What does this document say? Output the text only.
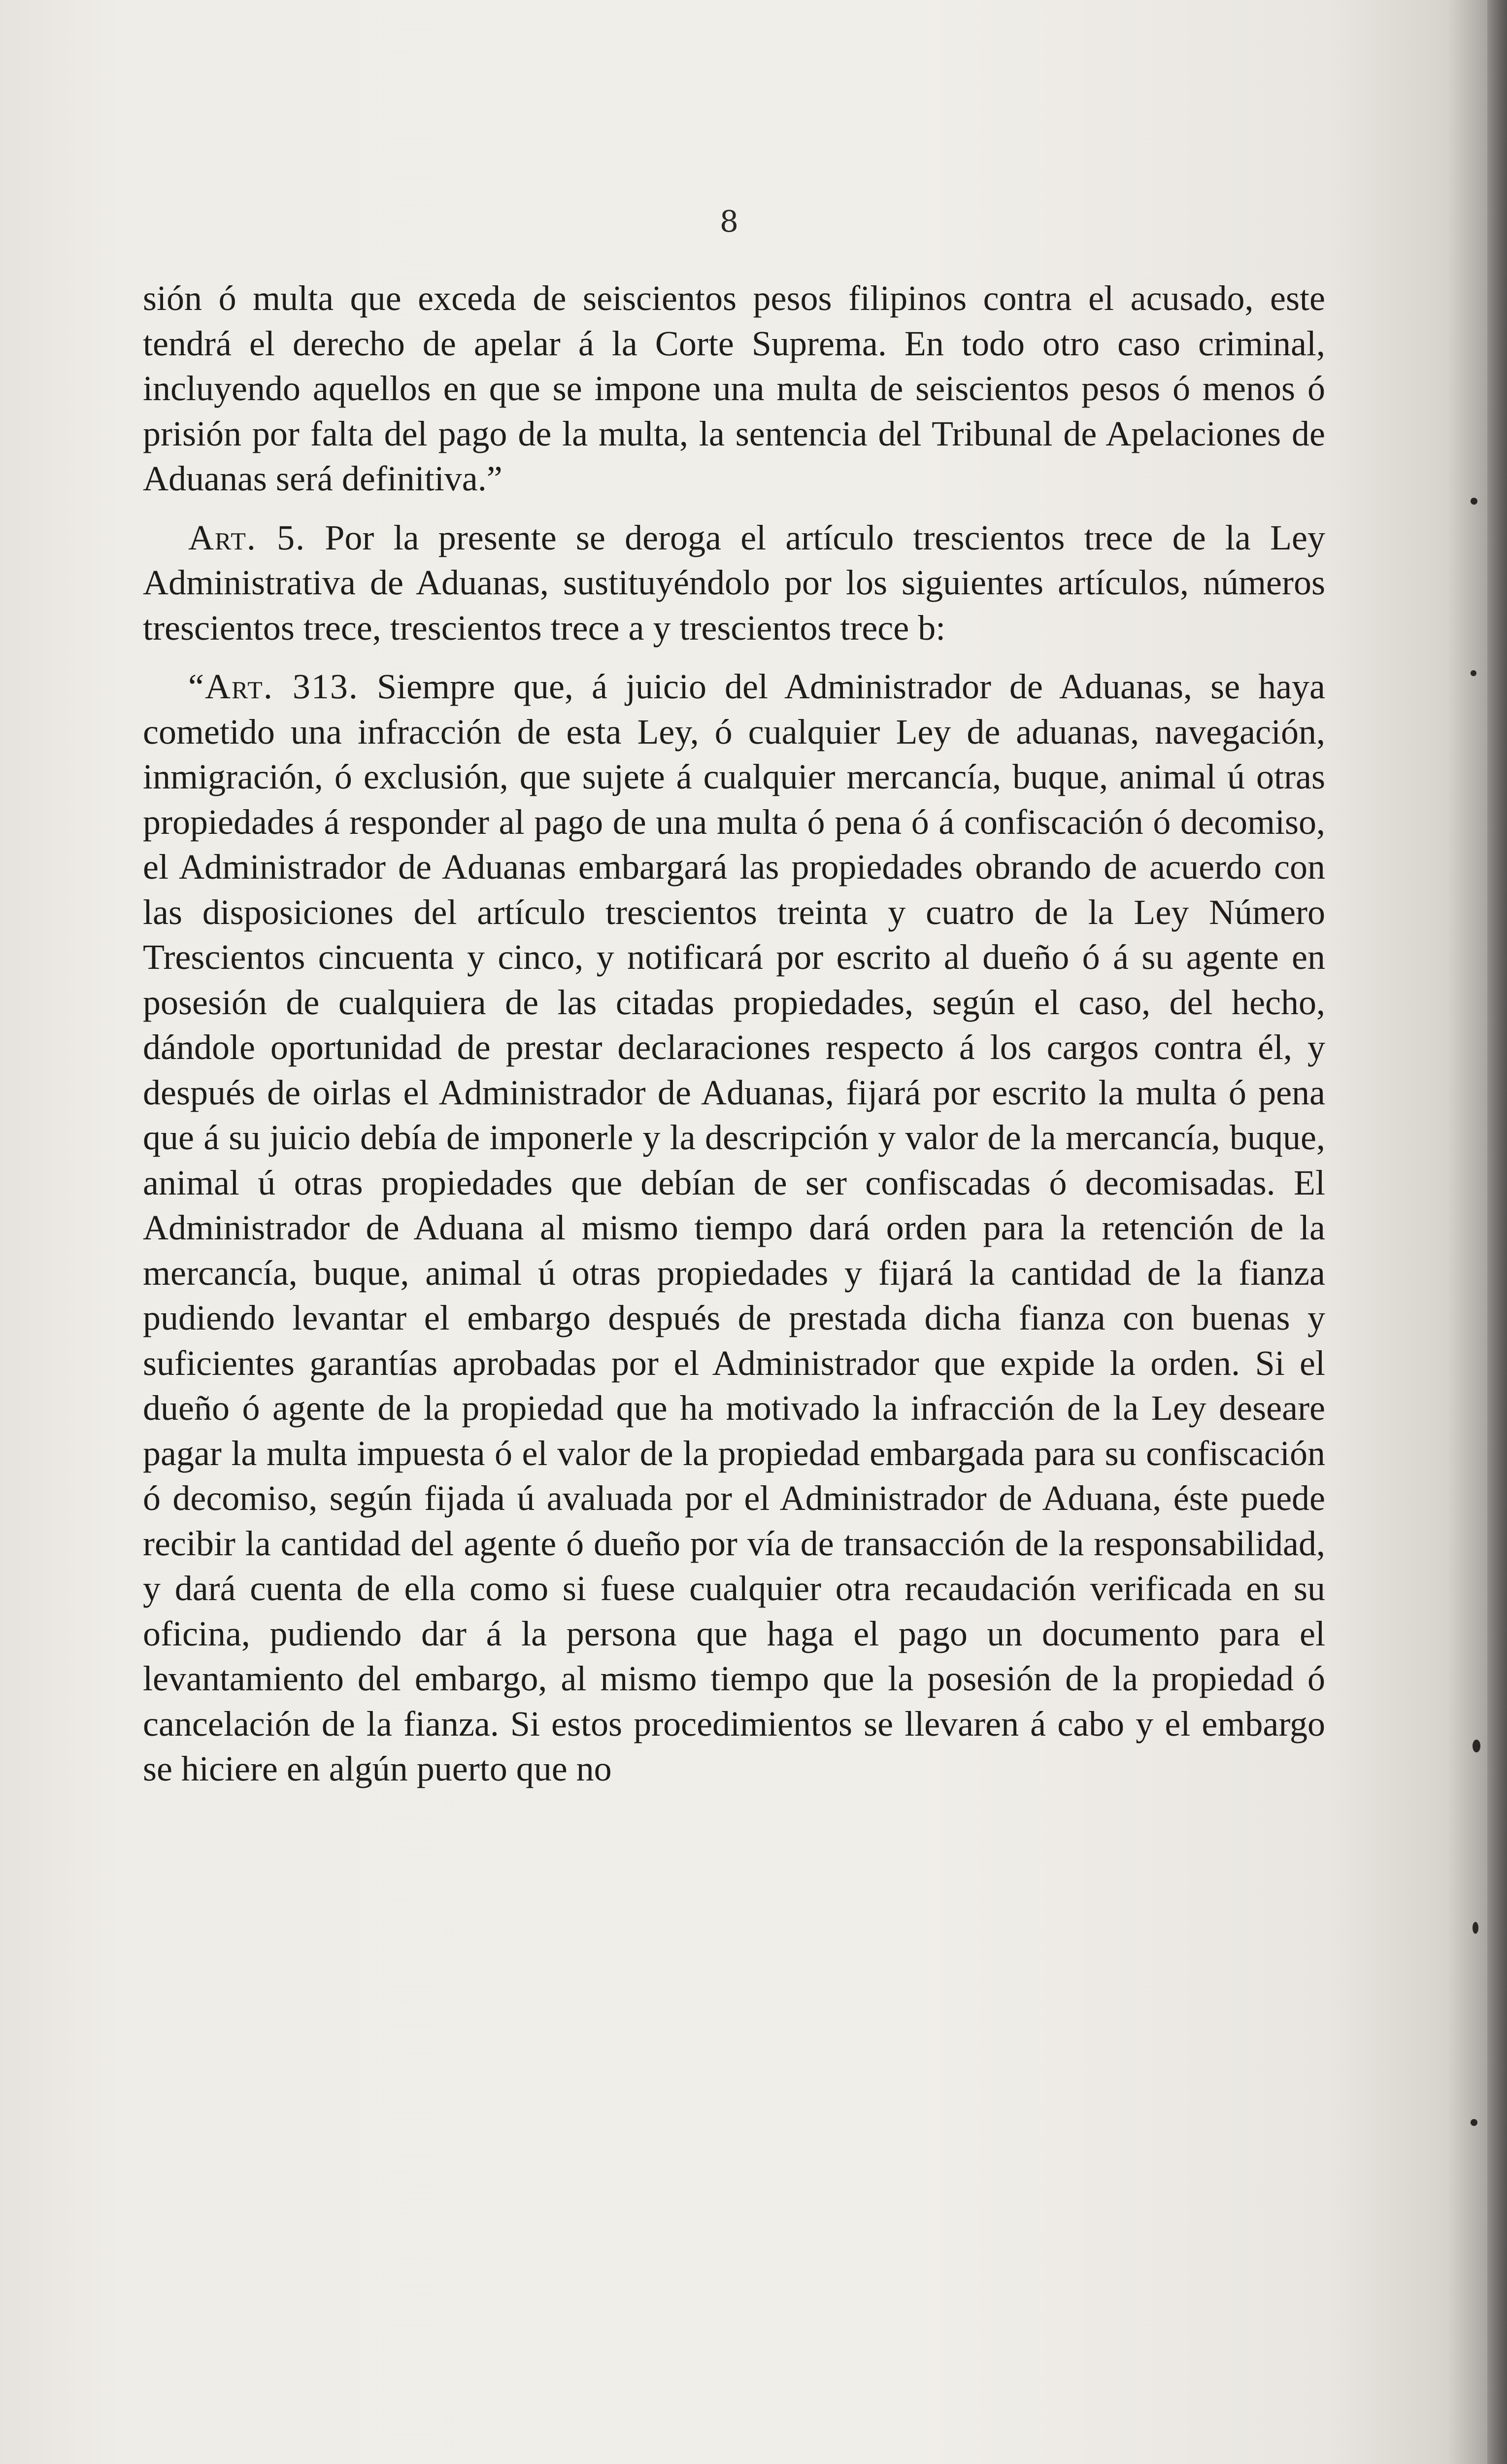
8

sión ó multa que exceda de seiscientos pesos filipinos contra el acusado, este tendrá el derecho de apelar á la Corte Suprema. En todo otro caso criminal, incluyendo aquellos en que se impone una multa de seiscientos pesos ó menos ó prisión por falta del pago de la multa, la sentencia del Tribunal de Apelaciones de Aduanas será definitiva.”

Art. 5. Por la presente se deroga el artículo trescientos trece de la Ley Administrativa de Aduanas, sustituyéndolo por los siguientes artículos, números trescientos trece, trescientos trece a y trescientos trece b:

“Art. 313. Siempre que, á juicio del Administrador de Aduanas, se haya cometido una infracción de esta Ley, ó cualquier Ley de aduanas, navegación, inmigración, ó exclusión, que sujete á cualquier mercancía, buque, animal ú otras propiedades á responder al pago de una multa ó pena ó á confiscación ó decomiso, el Administrador de Aduanas embargará las propiedades obrando de acuerdo con las disposiciones del artículo trescientos treinta y cuatro de la Ley Número Trescientos cincuenta y cinco, y notificará por escrito al dueño ó á su agente en posesión de cualquiera de las citadas propiedades, según el caso, del hecho, dándole oportunidad de prestar declaraciones respecto á los cargos contra él, y después de oirlas el Administrador de Aduanas, fijará por escrito la multa ó pena que á su juicio debía de imponerle y la descripción y valor de la mercancía, buque, animal ú otras propiedades que debían de ser confiscadas ó decomisadas. El Administrador de Aduana al mismo tiempo dará orden para la retención de la mercancía, buque, animal ú otras propiedades y fijará la cantidad de la fianza pudiendo levantar el embargo después de prestada dicha fianza con buenas y suficientes garantías aprobadas por el Administrador que expide la orden. Si el dueño ó agente de la propiedad que ha motivado la infracción de la Ley deseare pagar la multa impuesta ó el valor de la propiedad embargada para su confiscación ó decomiso, según fijada ú avaluada por el Administrador de Aduana, éste puede recibir la cantidad del agente ó dueño por vía de transacción de la responsabilidad, y dará cuenta de ella como si fuese cualquier otra recaudación verificada en su oficina, pudiendo dar á la persona que haga el pago un documento para el levantamiento del embargo, al mismo tiempo que la posesión de la propiedad ó cancelación de la fianza. Si estos procedimientos se llevaren á cabo y el embargo se hiciere en algún puerto que no
